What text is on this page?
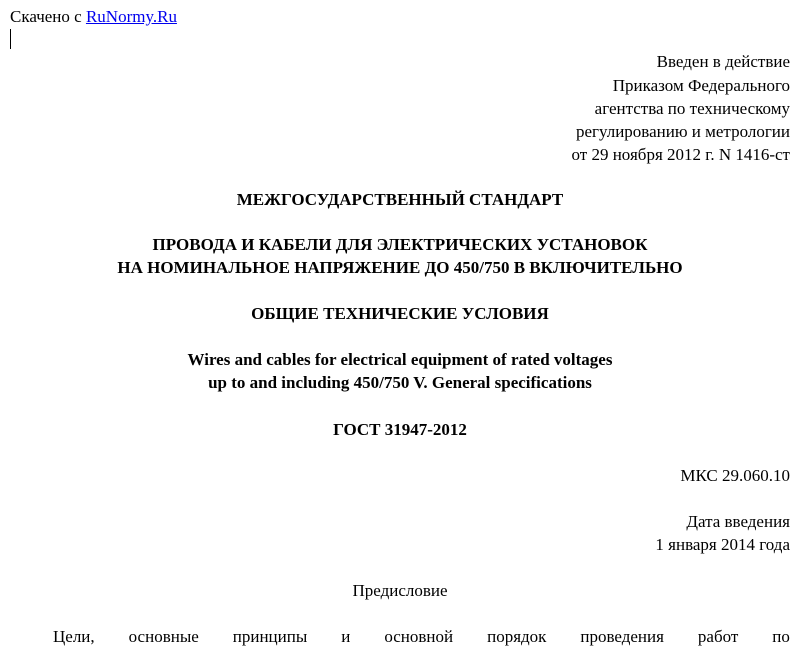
Скачено с RuNormy.Ru
Введен в действие
Приказом Федерального
агентства по техническому
регулированию и метрологии
от 29 ноября 2012 г. N 1416-ст
МЕЖГОСУДАРСТВЕННЫЙ СТАНДАРТ
ПРОВОДА И КАБЕЛИ ДЛЯ ЭЛЕКТРИЧЕСКИХ УСТАНОВОК
НА НОМИНАЛЬНОЕ НАПРЯЖЕНИЕ ДО 450/750 В ВКЛЮЧИТЕЛЬНО
ОБЩИЕ ТЕХНИЧЕСКИЕ УСЛОВИЯ
Wires and cables for electrical equipment of rated voltages
up to and including 450/750 V. General specifications
ГОСТ 31947-2012
МКС 29.060.10
Дата введения
1 января 2014 года
Предисловие
Цели, основные принципы и основной порядок проведения работ по
